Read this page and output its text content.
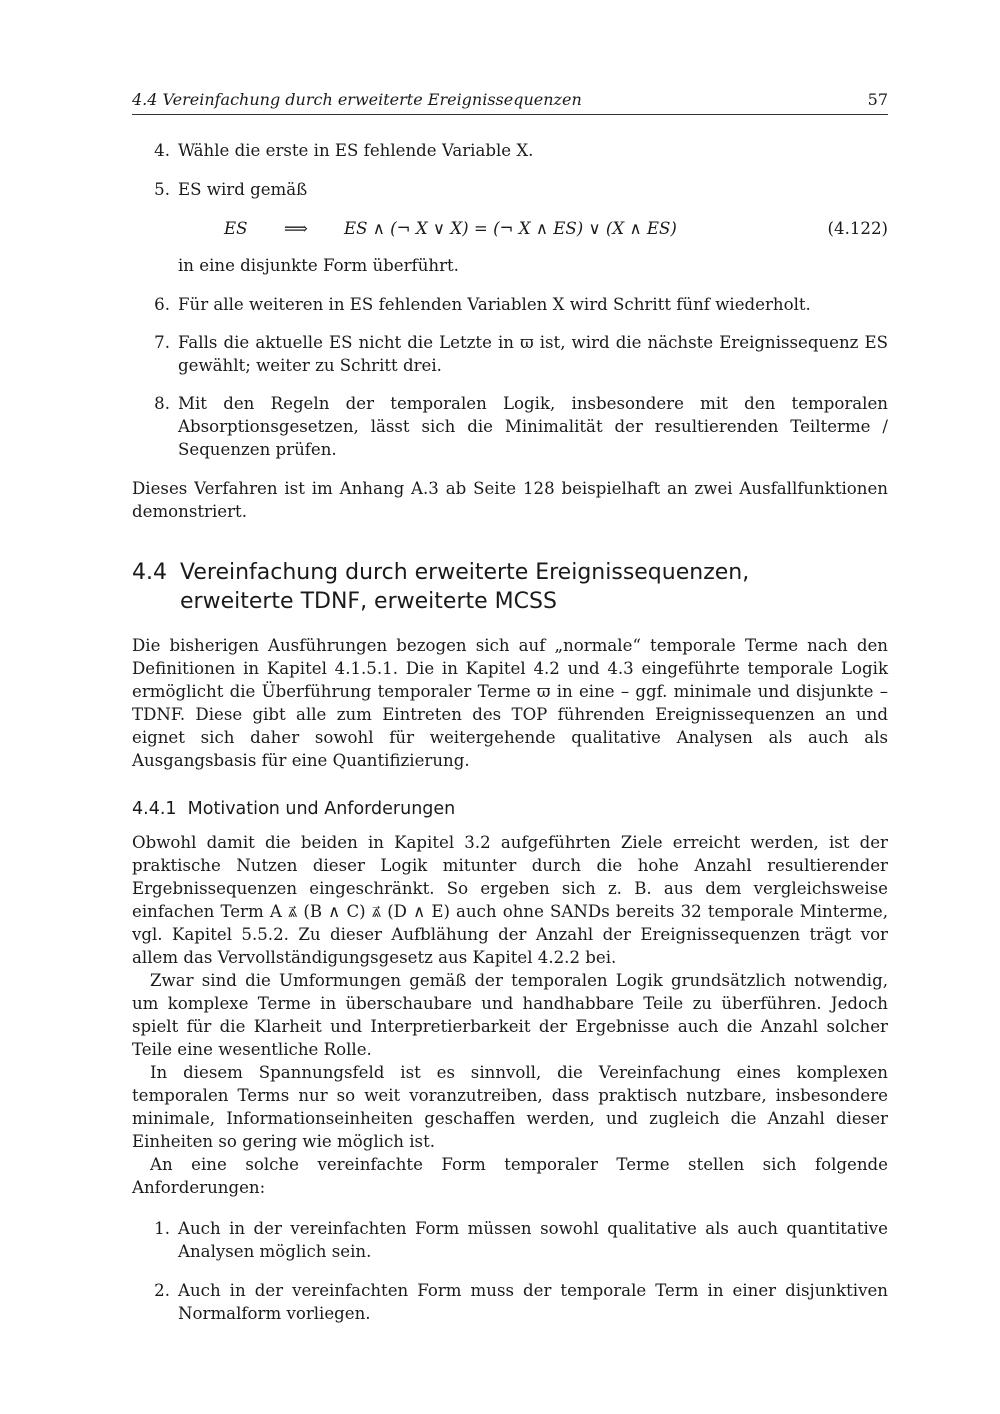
4.4 Vereinfachung durch erweiterte Ereignissequenzen	57
4. Wähle die erste in ES fehlende Variable X.
5. ES wird gemäß
ES	⟹	ES ∧ (¬ X ∨ X) = (¬ X ∧ ES) ∨ (X ∧ ES)	(4.122)

in eine disjunkte Form überführt.

6. Für alle weiteren in ES fehlenden Variablen X wird Schritt fünf wiederholt.
7. Falls die aktuelle ES nicht die Letzte in ϖ ist, wird die nächste Ereignissequenz ES gewählt; weiter zu Schritt drei.
8. Mit den Regeln der temporalen Logik, insbesondere mit den temporalen Absorptionsgesetzen, lässt sich die Minimalität der resultierenden Teilterme / Sequenzen prüfen.

Dieses Verfahren ist im Anhang A.3 ab Seite 128 beispielhaft an zwei Ausfallfunktionen demonstriert.

4.4 Vereinfachung durch erweiterte Ereignissequenzen,
erweiterte TDNF, erweiterte MCSS

Die bisherigen Ausführungen bezogen sich auf „normale“ temporale Terme nach den Definitionen in Kapitel 4.1.5.1. Die in Kapitel 4.2 und 4.3 eingeführte temporale Logik ermöglicht die Überführung temporaler Terme ϖ in eine – ggf. minimale und disjunkte – TDNF. Diese gibt alle zum Eintreten des TOP führenden Ereignissequenzen an und eignet sich daher sowohl für weitergehende qualitative Analysen als auch als Ausgangsbasis für eine Quantifizierung.

4.4.1 Motivation und Anforderungen

Obwohl damit die beiden in Kapitel 3.2 aufgeführten Ziele erreicht werden, ist der praktische Nutzen dieser Logik mitunter durch die hohe Anzahl resultierender Ergebnissequenzen eingeschränkt. So ergeben sich z. B. aus dem vergleichsweise einfachen Term A ⩓⃗ (B ∧ C) ⩓⃗ (D ∧ E) auch ohne SANDs bereits 32 temporale Minterme, vgl. Kapitel 5.5.2. Zu dieser Aufblähung der Anzahl der Ereignissequenzen trägt vor allem das Vervollständigungsgesetz aus Kapitel 4.2.2 bei.

Zwar sind die Umformungen gemäß der temporalen Logik grundsätzlich notwendig, um komplexe Terme in überschaubare und handhabbare Teile zu überführen. Jedoch spielt für die Klarheit und Interpretierbarkeit der Ergebnisse auch die Anzahl solcher Teile eine wesentliche Rolle.

In diesem Spannungsfeld ist es sinnvoll, die Vereinfachung eines komplexen temporalen Terms nur so weit voranzutreiben, dass praktisch nutzbare, insbesondere minimale, Informationseinheiten geschaffen werden, und zugleich die Anzahl dieser Einheiten so gering wie möglich ist.

An eine solche vereinfachte Form temporaler Terme stellen sich folgende Anforderungen:

1. Auch in der vereinfachten Form müssen sowohl qualitative als auch quantitative Analysen möglich sein.
2. Auch in der vereinfachten Form muss der temporale Term in einer disjunktiven Normalform vorliegen.
